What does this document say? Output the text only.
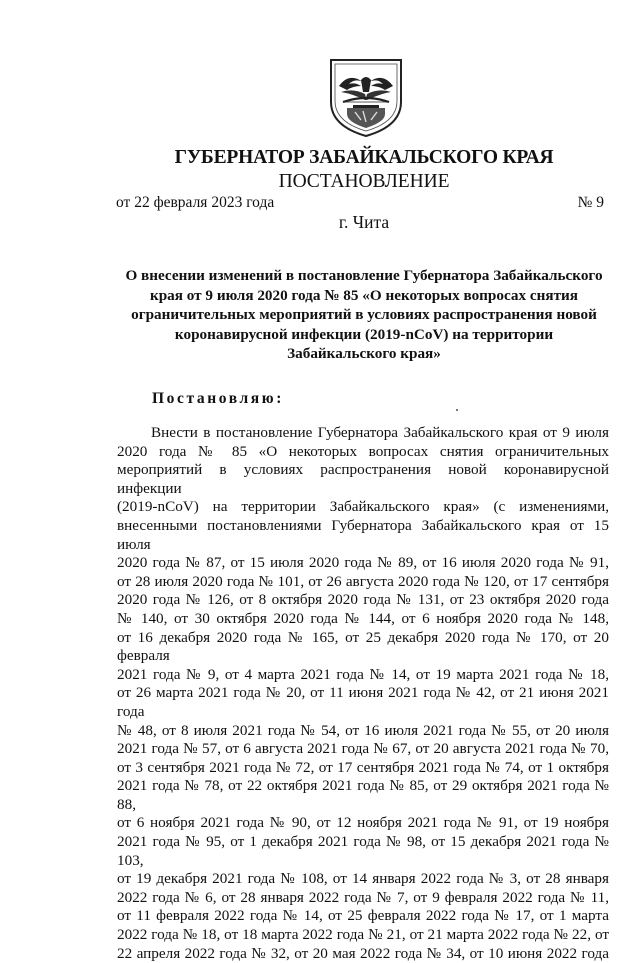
ГУБЕРНАТОР ЗАБАЙКАЛЬСКОГО КРАЯ
ПОСТАНОВЛЕНИЕ
от 22 февраля 2023 года	№ 9
г. Чита
О внесении изменений в постановление Губернатора Забайкальского
края от 9 июля 2020 года № 85 «О некоторых вопросах снятия
ограничительных мероприятий в условиях распространения новой
коронавирусной инфекции (2019-nCoV) на территории
Забайкальского края»
Постановляю:
Внести в постановление Губернатора Забайкальского края от 9 июля
2020 года № 85 «О некоторых вопросах снятия ограничительных
мероприятий в условиях распространения новой коронавирусной инфекции
(2019-nCoV) на территории Забайкальского края» (с изменениями,
внесенными постановлениями Губернатора Забайкальского края от 15 июля
2020 года № 87, от 15 июля 2020 года № 89, от 16 июля 2020 года № 91,
от 28 июля 2020 года № 101, от 26 августа 2020 года № 120, от 17 сентября
2020 года № 126, от 8 октября 2020 года № 131, от 23 октября 2020 года
№ 140, от 30 октября 2020 года № 144, от 6 ноября 2020 года № 148,
от 16 декабря 2020 года № 165, от 25 декабря 2020 года № 170, от 20 февраля
2021 года № 9, от 4 марта 2021 года № 14, от 19 марта 2021 года № 18,
от 26 марта 2021 года № 20, от 11 июня 2021 года № 42, от 21 июня 2021 года
№ 48, от 8 июля 2021 года № 54, от 16 июля 2021 года № 55, от 20 июля
2021 года № 57, от 6 августа 2021 года № 67, от 20 августа 2021 года № 70,
от 3 сентября 2021 года № 72, от 17 сентября 2021 года № 74, от 1 октября
2021 года № 78, от 22 октября 2021 года № 85, от 29 октября 2021 года № 88,
от 6 ноября 2021 года № 90, от 12 ноября 2021 года № 91, от 19 ноября
2021 года № 95, от 1 декабря 2021 года № 98, от 15 декабря 2021 года № 103,
от 19 декабря 2021 года № 108, от 14 января 2022 года № 3, от 28 января
2022 года № 6, от 28 января 2022 года № 7, от 9 февраля 2022 года № 11,
от 11 февраля 2022 года № 14, от 25 февраля 2022 года № 17, от 1 марта
2022 года № 18, от 18 марта 2022 года № 21, от 21 марта 2022 года № 22, от
22 апреля 2022 года № 32, от 20 мая 2022 года № 34, от 10 июня 2022 года
